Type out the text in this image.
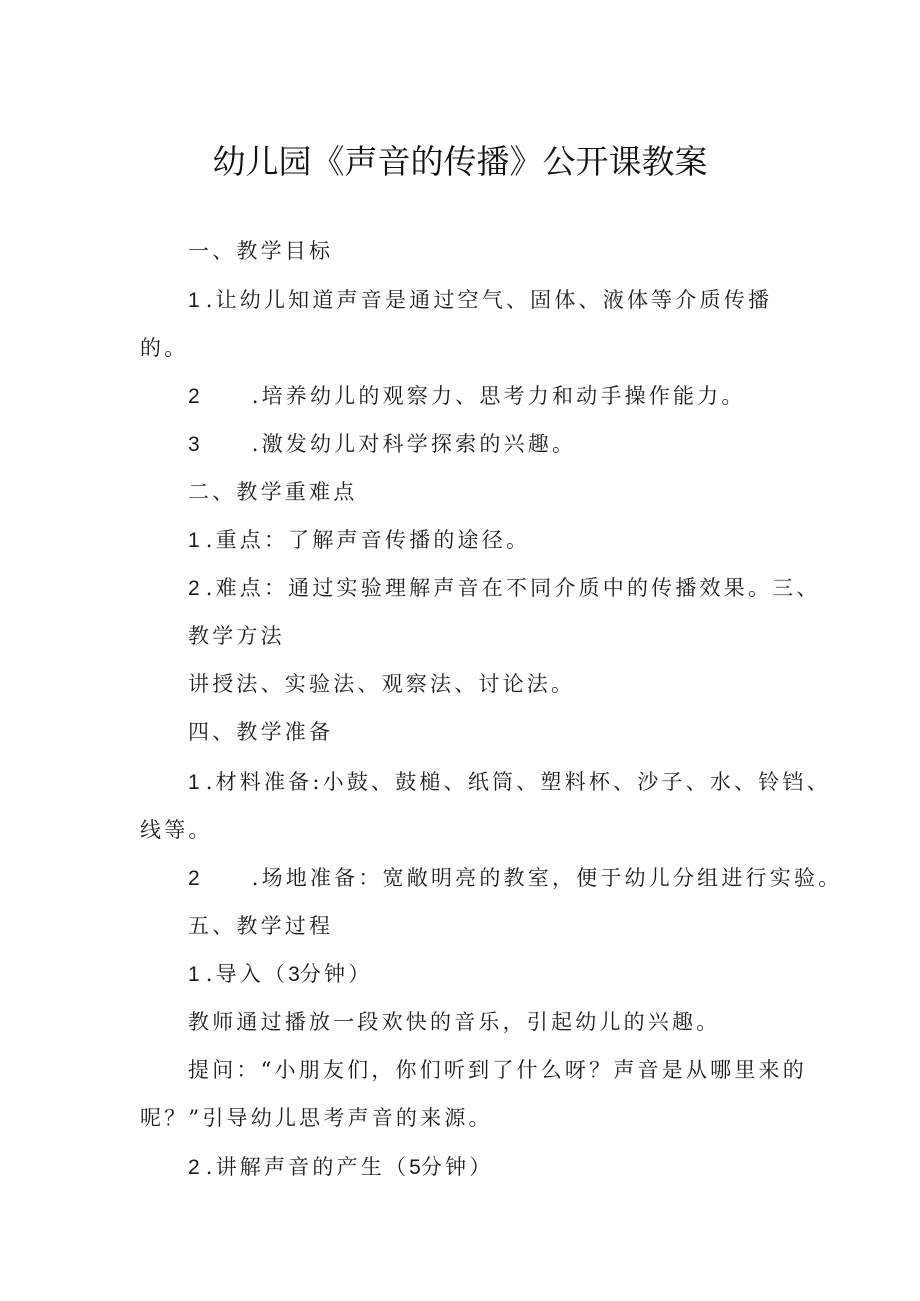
幼儿园《声音的传播》公开课教案

一、教学目标

1 .让幼儿知道声音是通过空气、固体、液体等介质传播

的。

2 .培养幼儿的观察力、思考力和动手操作能力。

3 .激发幼儿对科学探索的兴趣。

二、教学重难点

1 .重点：了解声音传播的途径。

2 .难点：通过实验理解声音在不同介质中的传播效果。三、

教学方法

讲授法、实验法、观察法、讨论法。

四、教学准备

1 .材料准备:小鼓、鼓槌、纸筒、塑料杯、沙子、水、铃铛、

线等。

2 .场地准备：宽敞明亮的教室，便于幼儿分组进行实验。

五、教学过程

1 .导入（3分钟）

教师通过播放一段欢快的音乐，引起幼儿的兴趣。

提问：“小朋友们，你们听到了什么呀？声音是从哪里来的

呢？”引导幼儿思考声音的来源。

2 .讲解声音的产生（5分钟）
